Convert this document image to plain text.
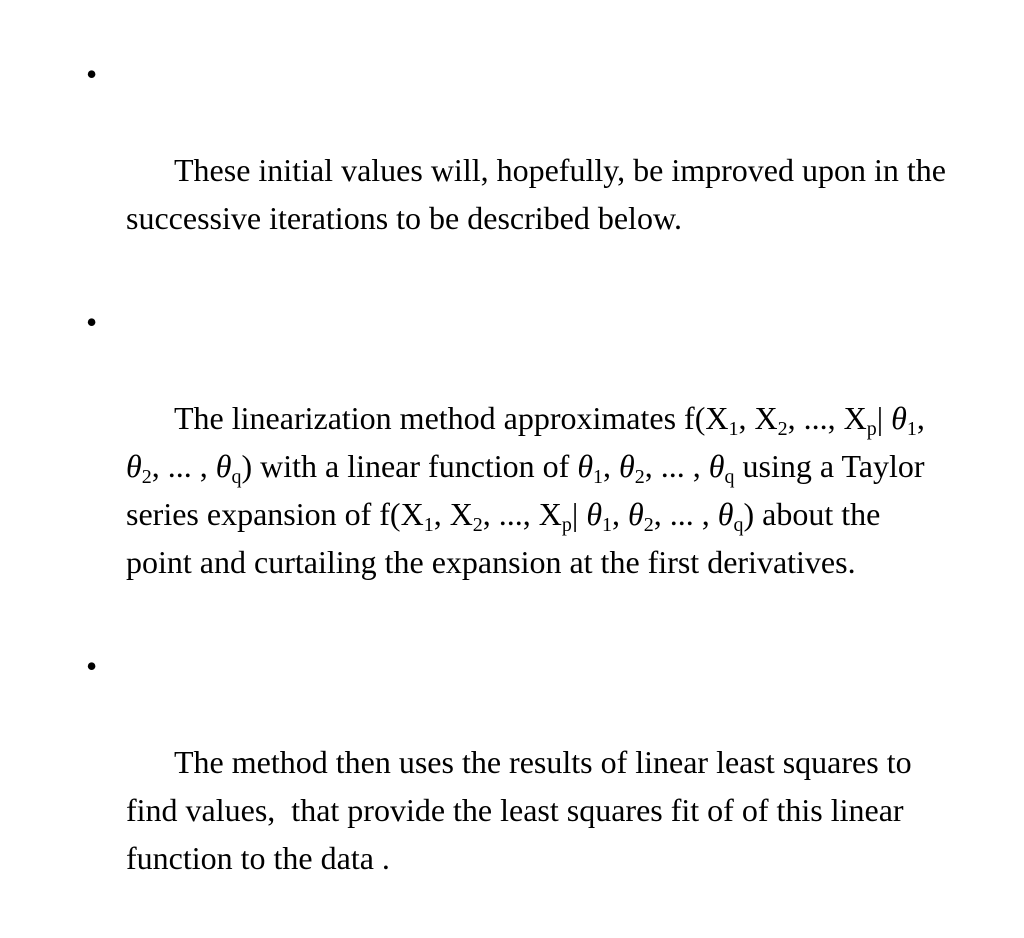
•

These initial values will, hopefully, be improved upon in the successive iterations to be described below.

•

The linearization method approximates $f(X_1$, $X_2$, ..., $X_p|$ $\theta_1$, $\theta_2$, ... , $\theta_q$) with a linear function of $\theta_1$, $\theta_2$, ... , $\theta_q$ using a Taylor series expansion of $f(X_1$, $X_2$, ..., $X_p|$ $\theta_1$, $\theta_2$, ... , $\theta_q$) about the point and curtailing the expansion at the first derivatives.

•

The method then uses the results of linear least squares to  find values,  that provide the least squares fit of of this linear function to the data .
